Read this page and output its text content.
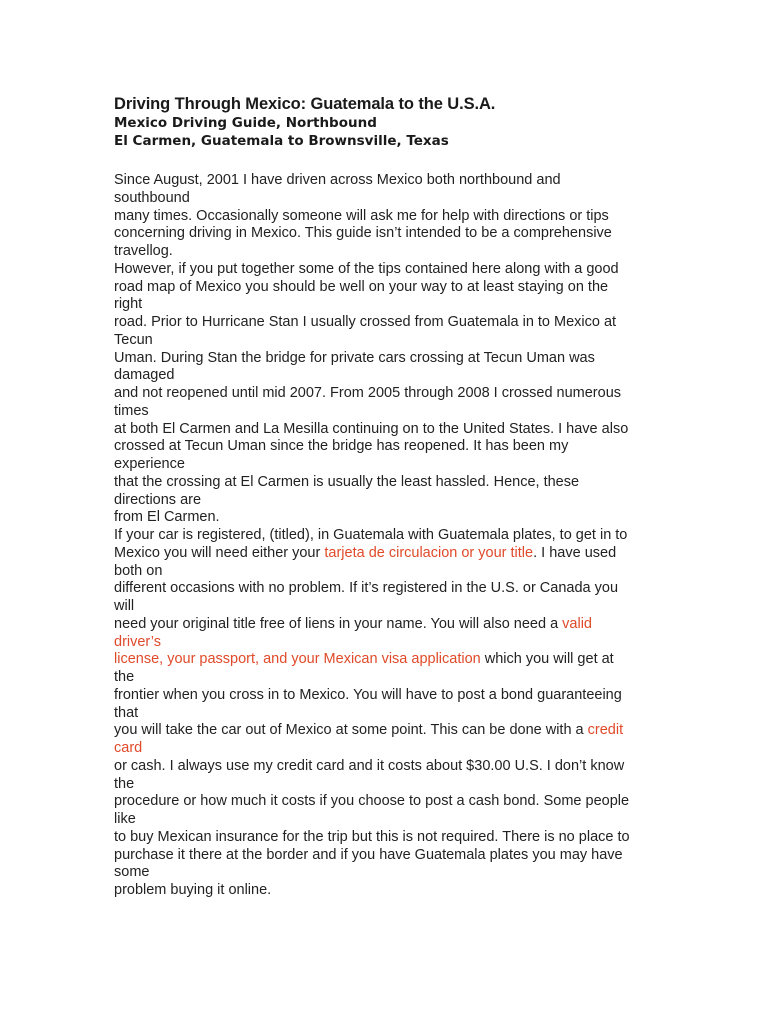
Driving Through Mexico: Guatemala to the U.S.A.
Mexico Driving Guide, Northbound
El Carmen, Guatemala to Brownsville, Texas
Since August, 2001 I have driven across Mexico both northbound and
southbound
many times. Occasionally someone will ask me for help with directions or tips
concerning driving in Mexico. This guide isn’t intended to be a comprehensive
travellog.
However, if you put together some of the tips contained here along with a good
road map of Mexico you should be well on your way to at least staying on the
right
road. Prior to Hurricane Stan I usually crossed from Guatemala in to Mexico at
Tecun
Uman. During Stan the bridge for private cars crossing at Tecun Uman was
damaged
and not reopened until mid 2007. From 2005 through 2008 I crossed numerous
times
at both El Carmen and La Mesilla continuing on to the United States. I have also
crossed at Tecun Uman since the bridge has reopened. It has been my
experience
that the crossing at El Carmen is usually the least hassled. Hence, these
directions are
from El Carmen.
If your car is registered, (titled), in Guatemala with Guatemala plates, to get in to
Mexico you will need either your tarjeta de circulacion or your title. I have used
both on
different occasions with no problem. If it’s registered in the U.S. or Canada you
will
need your original title free of liens in your name. You will also need a valid
driver’s
license, your passport, and your Mexican visa application which you will get at
the
frontier when you cross in to Mexico. You will have to post a bond guaranteeing
that
you will take the car out of Mexico at some point. This can be done with a credit
card
or cash. I always use my credit card and it costs about $30.00 U.S. I don’t know
the
procedure or how much it costs if you choose to post a cash bond. Some people
like
to buy Mexican insurance for the trip but this is not required. There is no place to
purchase it there at the border and if you have Guatemala plates you may have
some
problem buying it online.
